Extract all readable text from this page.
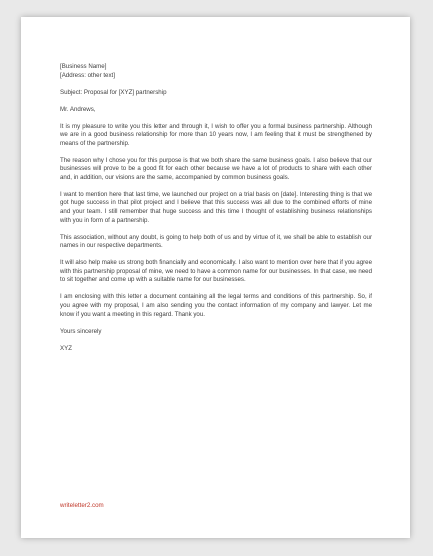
[Business Name]
[Address: other text]

Subject: Proposal for [XYZ] partnership

Mr. Andrews,

It is my pleasure to write you this letter and through it, I wish to offer you a formal business partnership. Although we are in a good business relationship for more than 10 years now, I am feeling that it must be strengthened by means of the partnership.

The reason why I chose you for this purpose is that we both share the same business goals. I also believe that our businesses will prove to be a good fit for each other because we have a lot of products to share with each other and, in addition, our visions are the same, accompanied by common business goals.

I want to mention here that last time, we launched our project on a trial basis on [date]. Interesting thing is that we got huge success in that pilot project and I believe that this success was all due to the combined efforts of mine and your team. I still remember that huge success and this time I thought of establishing business relationships with you in form of a partnership.

This association, without any doubt, is going to help both of us and by virtue of it, we shall be able to establish our names in our respective departments.

It will also help make us strong both financially and economically. I also want to mention over here that if you agree with this partnership proposal of mine, we need to have a common name for our businesses. In that case, we need to sit together and come up with a suitable name for our businesses.

I am enclosing with this letter a document containing all the legal terms and conditions of this partnership. So, if you agree with my proposal, I am also sending you the contact information of my company and lawyer. Let me know if you want a meeting in this regard. Thank you.

Yours sincerely

XYZ

writeletter2.com
